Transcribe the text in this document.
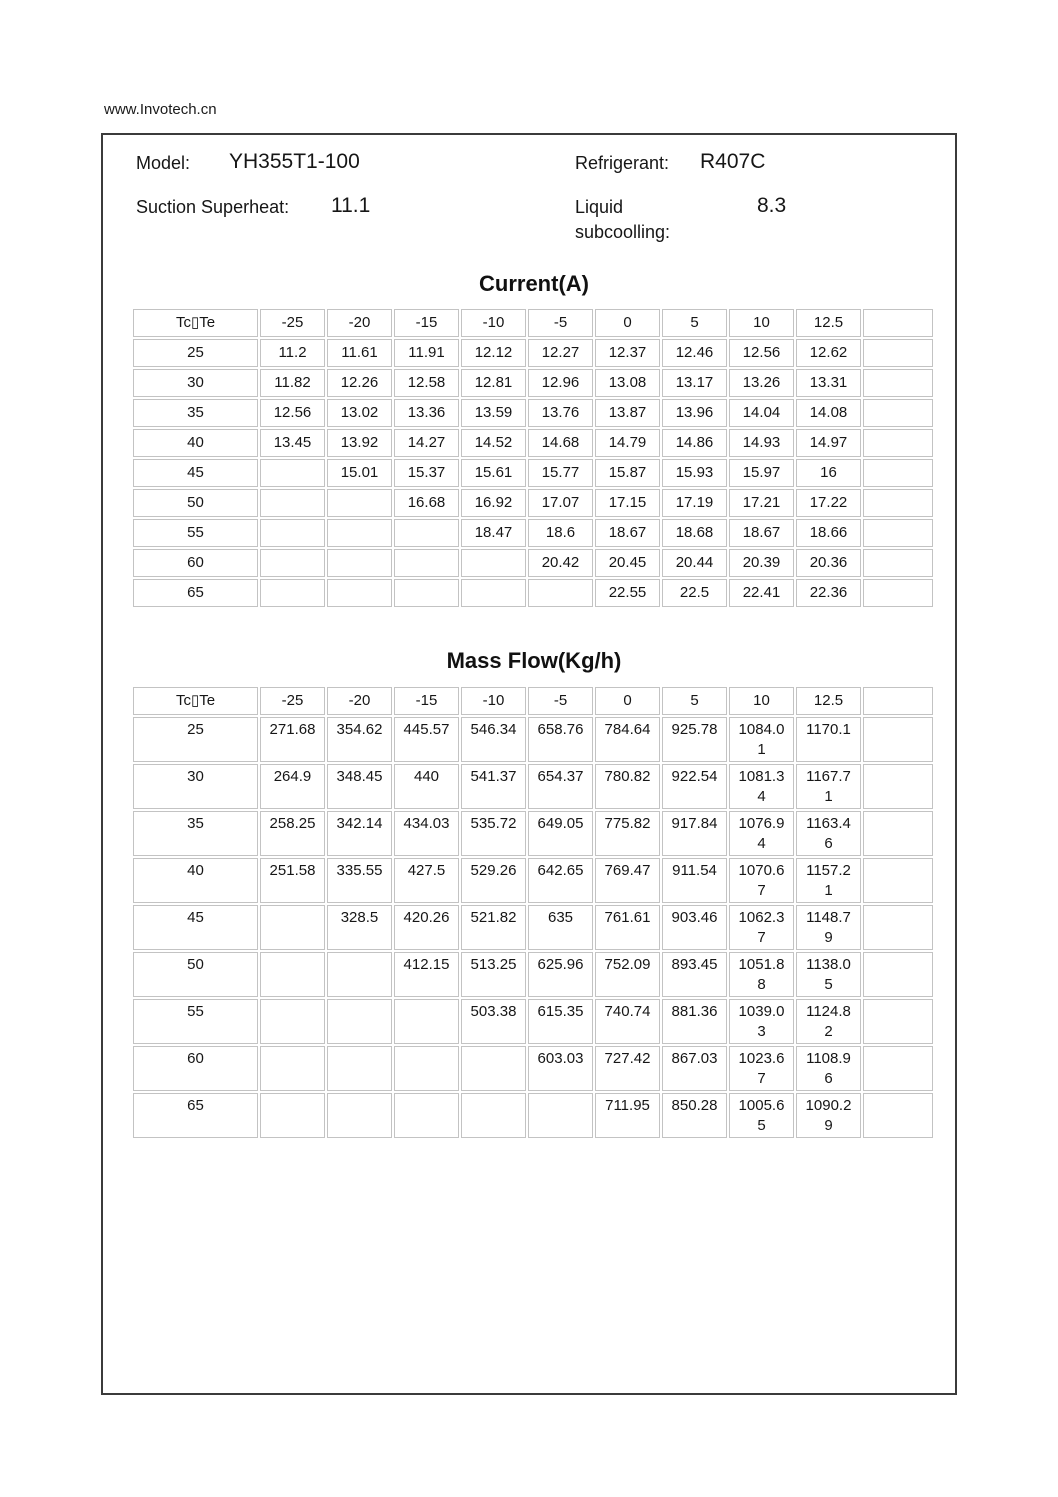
www.Invotech.cn
Model: YH355T1-100	Refrigerant: R407C
Suction Superheat: 11.1	Liquid subcoolling:
8.3
Current(A)
Tc▯Te	-25	-20	-15	-10	-5	0	5	10	12.5	
25	11.2	11.61	11.91	12.12	12.27	12.37	12.46	12.56	12.62	
30	11.82	12.26	12.58	12.81	12.96	13.08	13.17	13.26	13.31	
35	12.56	13.02	13.36	13.59	13.76	13.87	13.96	14.04	14.08	
40	13.45	13.92	14.27	14.52	14.68	14.79	14.86	14.93	14.97	
45		15.01	15.37	15.61	15.77	15.87	15.93	15.97	16	
50			16.68	16.92	17.07	17.15	17.19	17.21	17.22	
55				18.47	18.6	18.67	18.68	18.67	18.66	
60					20.42	20.45	20.44	20.39	20.36	
65						22.55	22.5	22.41	22.36	
Mass Flow(Kg/h)
Tc▯Te	-25	-20	-15	-10	-5	0	5	10	12.5	
25	271.68	354.62	445.57	546.34	658.76	784.64	925.78	1084.01	1170.1	
30	264.9	348.45	440	541.37	654.37	780.82	922.54	1081.34	1167.71	
35	258.25	342.14	434.03	535.72	649.05	775.82	917.84	1076.94	1163.46	
40	251.58	335.55	427.5	529.26	642.65	769.47	911.54	1070.67	1157.21	
45		328.5	420.26	521.82	635	761.61	903.46	1062.37	1148.79	
50			412.15	513.25	625.96	752.09	893.45	1051.88	1138.05	
55				503.38	615.35	740.74	881.36	1039.03	1124.82	
60					603.03	727.42	867.03	1023.67	1108.96	
65						711.95	850.28	1005.65	1090.29	
